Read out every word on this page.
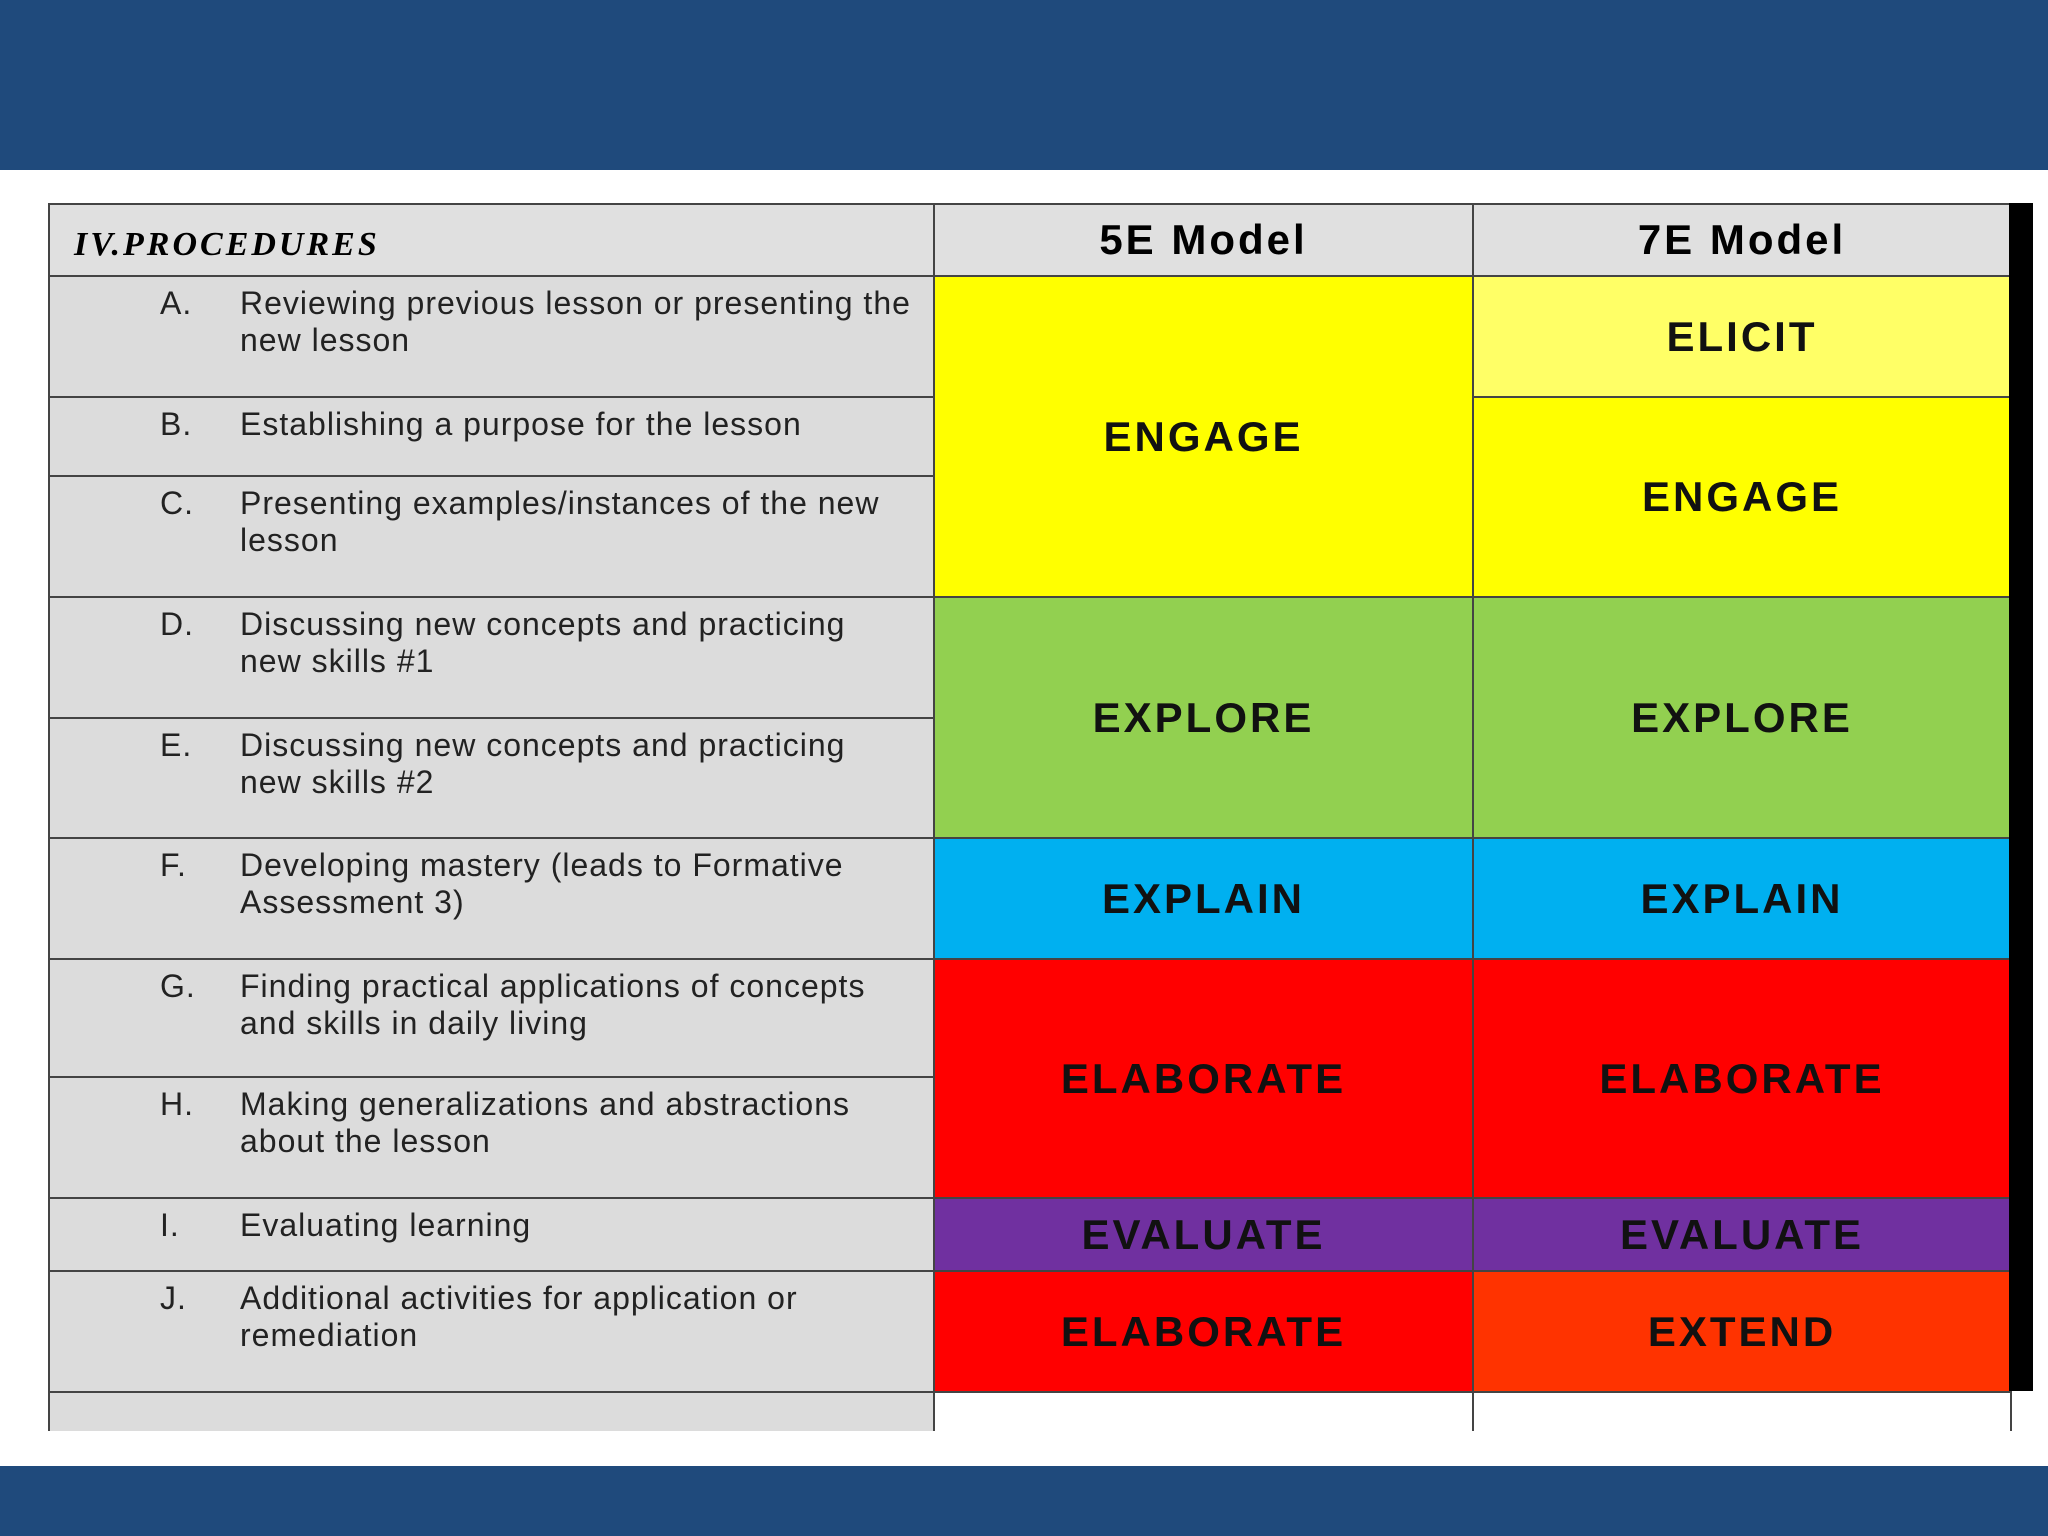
IV.PROCEDURES	5E Model	7E Model

A. Reviewing previous lesson or presenting the new lesson	ENGAGE	ELICIT

B. Establishing a purpose for the lesson		ENGAGE

C. Presenting examples/instances of the new lesson		

D. Discussing new concepts and practicing new skills #1	EXPLORE	EXPLORE

E. Discussing new concepts and practicing new skills #2		

F. Developing mastery (leads to Formative Assessment 3)	EXPLAIN	EXPLAIN

G. Finding practical applications of concepts and skills in daily living	ELABORATE	ELABORATE

H. Making generalizations and abstractions about the lesson		

I. Evaluating learning	EVALUATE	EVALUATE

J. Additional activities for application or remediation	ELABORATE	EXTEND
